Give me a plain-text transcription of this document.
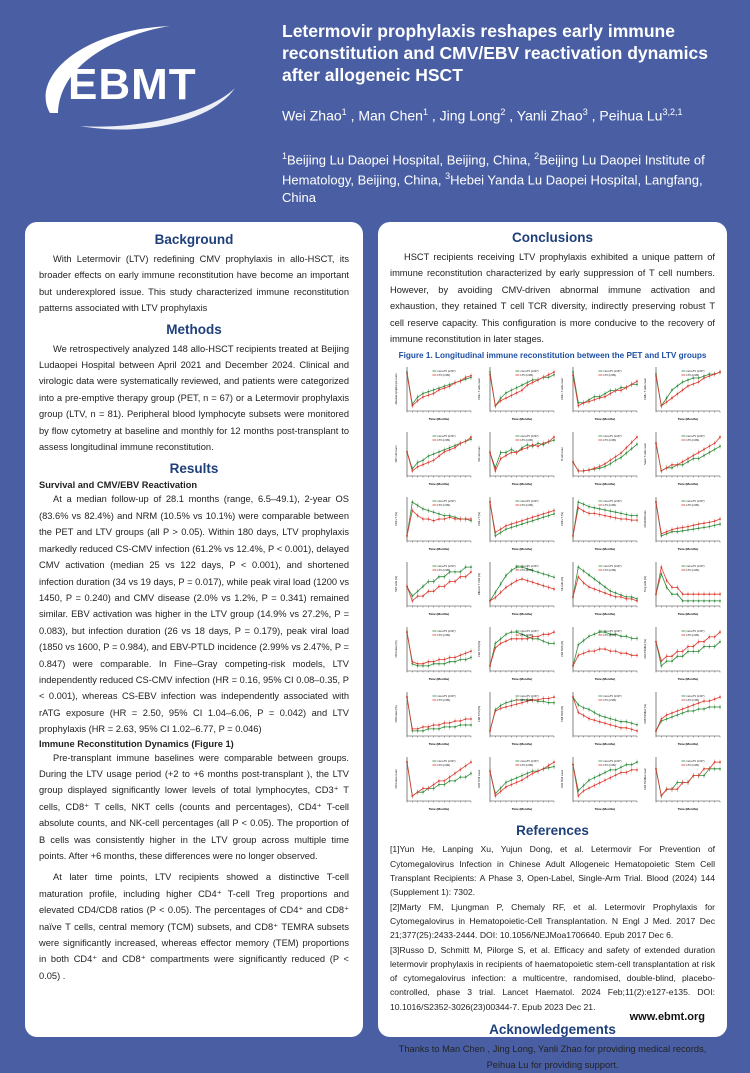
EBMT
Letermovir prophylaxis reshapes early immune reconstitution and CMV/EBV reactivation dynamics after allogeneic HSCT
Wei Zhao$^1$ , Man Chen$^1$ , Jing Long$^2$ , Yanli Zhao$^3$ , Peihua Lu$^{3,2,1}$
$^1$Beijing Lu Daopei Hospital, Beijing, China, $^2$Beijing Lu Daopei Institute of Hematology, Beijing, China, $^3$Hebei Yanda Lu Daopei Hospital, Langfang, China
Background

With Letermovir (LTV) redefining CMV prophylaxis in allo-HSCT, its broader effects on early immune reconstitution have become an important but underexplored issue. This study characterized immune reconstitution patterns associated with LTV prophylaxis

Methods

We retrospectively analyzed 148 allo-HSCT recipients treated at Beijing Ludaopei Hospital between April 2021 and December 2024. Clinical and virologic data were systematically reviewed, and patients were categorized into a pre-emptive therapy group (PET, n = 67) or a Letermovir prophylaxis group (LTV, n = 81). Peripheral blood lymphocyte subsets were monitored by flow cytometry at baseline and monthly for 12 months post-transplant to assess longitudinal immune reconstitution.

Results
Survival and CMV/EBV Reactivation

At a median follow-up of 28.1 months (range, 6.5–49.1), 2-year OS (83.6% vs 82.4%) and NRM (10.5% vs 10.1%) were comparable between the PET and LTV groups (all P > 0.05). Within 180 days, LTV prophylaxis markedly reduced CS-CMV infection (61.2% vs 12.4%, P < 0.001), delayed CMV activation (median 25 vs 122 days, P < 0.001), and shortened infection duration (34 vs 19 days, P = 0.017), while peak viral load (1200 vs 1450, P = 0.240) and CMV disease (2.0% vs 1.2%, P = 0.341) remained similar. EBV activation was higher in the LTV group (14.9% vs 27.2%, P = 0.083), but infection duration (26 vs 18 days, P = 0.179), peak viral load (1850 vs 1600, P = 0.984), and EBV-PTLD incidence (2.99% vs 2.47%, P = 0.847) were comparable. In Fine–Gray competing-risk models, LTV independently reduced CS-CMV infection (HR = 0.16, 95% CI 0.08–0.35, P < 0.001), whereas CS-EBV infection was independently associated with rATG exposure (HR = 2.50, 95% CI 1.04–6.06, P = 0.042) and LTV prophylaxis (HR = 2.63, 95% CI 1.02–6.77, P = 0.046)

Immune Reconstitution Dynamics (Figure 1)

Pre-transplant immune baselines were comparable between groups. During the LTV usage period (+2 to +6 months post-transplant ), the LTV group displayed significantly lower levels of total lymphocytes, CD3⁺ T cells, CD8⁺ T cells, NKT cells (counts and percentages), CD4⁺ T-cell absolute counts, and NK-cell percentages (all P < 0.05). The proportion of B cells was consistently higher in the LTV group across multiple time points. After +6 months, these differences were no longer observed.

At later time points, LTV recipients showed a distinctive T-cell maturation profile, including higher CD4⁺ T-cell Treg proportions and elevated CD4/CD8 ratios (P < 0.05). The percentages of CD4⁺ and CD8⁺ naïve T cells, central memory (TCM) subsets, and CD8⁺ TEMRA subsets were significantly increased, whereas effector memory (TEM) proportions in both CD4⁺ and CD8⁺ compartments were significantly reduced (P < 0.05) .

Conclusions

HSCT recipients receiving LTV prophylaxis exhibited a unique pattern of immune reconstitution characterized by early suppression of T cell numbers. However, by avoiding CMV-driven abnormal immune activation and exhaustion, they retained T cell TCR diversity, indirectly preserving robust T cell reserve capacity. This configuration is more conducive to the recovery of immune reconstitution in later stages.

Figure 1. Longitudinal immune reconstitution between the PET and LTV groups
Absolute lymphocyte count
Time (Months)
non-LTV (n=67)
LTV (n=81)
CD3+ T cells count
Time (Months)
non-LTV (n=67)
LTV (n=81)
CD4+ T cells count
Time (Months)
non-LTV (n=67)
LTV (n=81)
CD8+ T cells count
Time (Months)
non-LTV (n=67)
LTV (n=81)
NKT cell count
Time (Months)
non-LTV (n=67)
LTV (n=81)
NK cell count
Time (Months)
non-LTV (n=67)
LTV (n=81)
B cell count
Time (Months)
non-LTV (n=67)
LTV (n=81)
Naive T cells count
Time (Months)
non-LTV (n=67)
LTV (n=81)
CD3+ T (%)
Time (Months)
non-LTV (n=67)
LTV (n=81)
CD4+ T (%)
Time (Months)
non-LTV (n=67)
LTV (n=81)
CD8+ T (%)
Time (Months)
non-LTV (n=67)
LTV (n=81)
CD4/CD8 ratio
Time (Months)
non-LTV (n=67)
LTV (n=81)
NKT cells (%)
Time (Months)
non-LTV (n=67)
LTV (n=81)
Effector T CD4 (%)
Time (Months)
non-LTV (n=67)
LTV (n=81)
NK cells (%)
Time (Months)
non-LTV (n=67)
LTV (n=81)
Treg cells (%)
Time (Months)
non-LTV (n=67)
LTV (n=81)
CD4 naive (%)
Time (Months)
non-LTV (n=67)
LTV (n=81)
CD4 TCM (%)
Time (Months)
non-LTV (n=67)
LTV (n=81)
CD4 TEM (%)
Time (Months)
non-LTV (n=67)
LTV (n=81)
CD4 TEMRA (%)
Time (Months)
non-LTV (n=67)
LTV (n=81)
CD8 naive (%)
Time (Months)
non-LTV (n=67)
LTV (n=81)
CD8 TCM (%)
Time (Months)
non-LTV (n=67)
LTV (n=81)
CD8 TEM (%)
Time (Months)
non-LTV (n=67)
LTV (n=81)
CD8 TEMRA (%)
Time (Months)
non-LTV (n=67)
LTV (n=81)
CD4 naive count
Time (Months)
non-LTV (n=67)
LTV (n=81)
CD4 TCM count
Time (Months)
non-LTV (n=67)
LTV (n=81)
CD4 TEM count
Time (Months)
non-LTV (n=67)
LTV (n=81)
CD4 TEMRA count
Time (Months)
non-LTV (n=67)
LTV (n=81)
References
[1]Yun He, Lanping Xu, Yujun Dong, et al. Letermovir For Prevention of Cytomegalovirus Infection in Chinese Adult Allogeneic Hematopoietic Stem Cell Transplant Recipients: A Phase 3, Open-Label, Single-Arm Trial. Blood (2024) 144 (Supplement 1): 7302.
[2]Marty FM, Ljungman P, Chemaly RF, et al. Letermovir Prophylaxis for Cytomegalovirus in Hematopoietic-Cell Transplantation. N Engl J Med. 2017 Dec 21;377(25):2433-2444. DOI: 10.1056/NEJMoa1706640. Epub 2017 Dec 6.
[3]Russo D, Schmitt M, Pilorge S, et al. Efficacy and safety of extended duration letermovir prophylaxis in recipients of haematopoietic stem-cell transplantation at risk of cytomegalovirus infection: a multicentre, randomised, double-blind, placebo-controlled, phase 3 trial. Lancet Haematol. 2024 Feb;11(2):e127-e135. DOI: 10.1016/S2352-3026(23)00344-7. Epub 2023 Dec 21.
Acknowledgements

Thanks to Man Chen , Jing Long, Yanli Zhao for providing medical records, Peihua Lu for providing support.

www.ebmt.org
